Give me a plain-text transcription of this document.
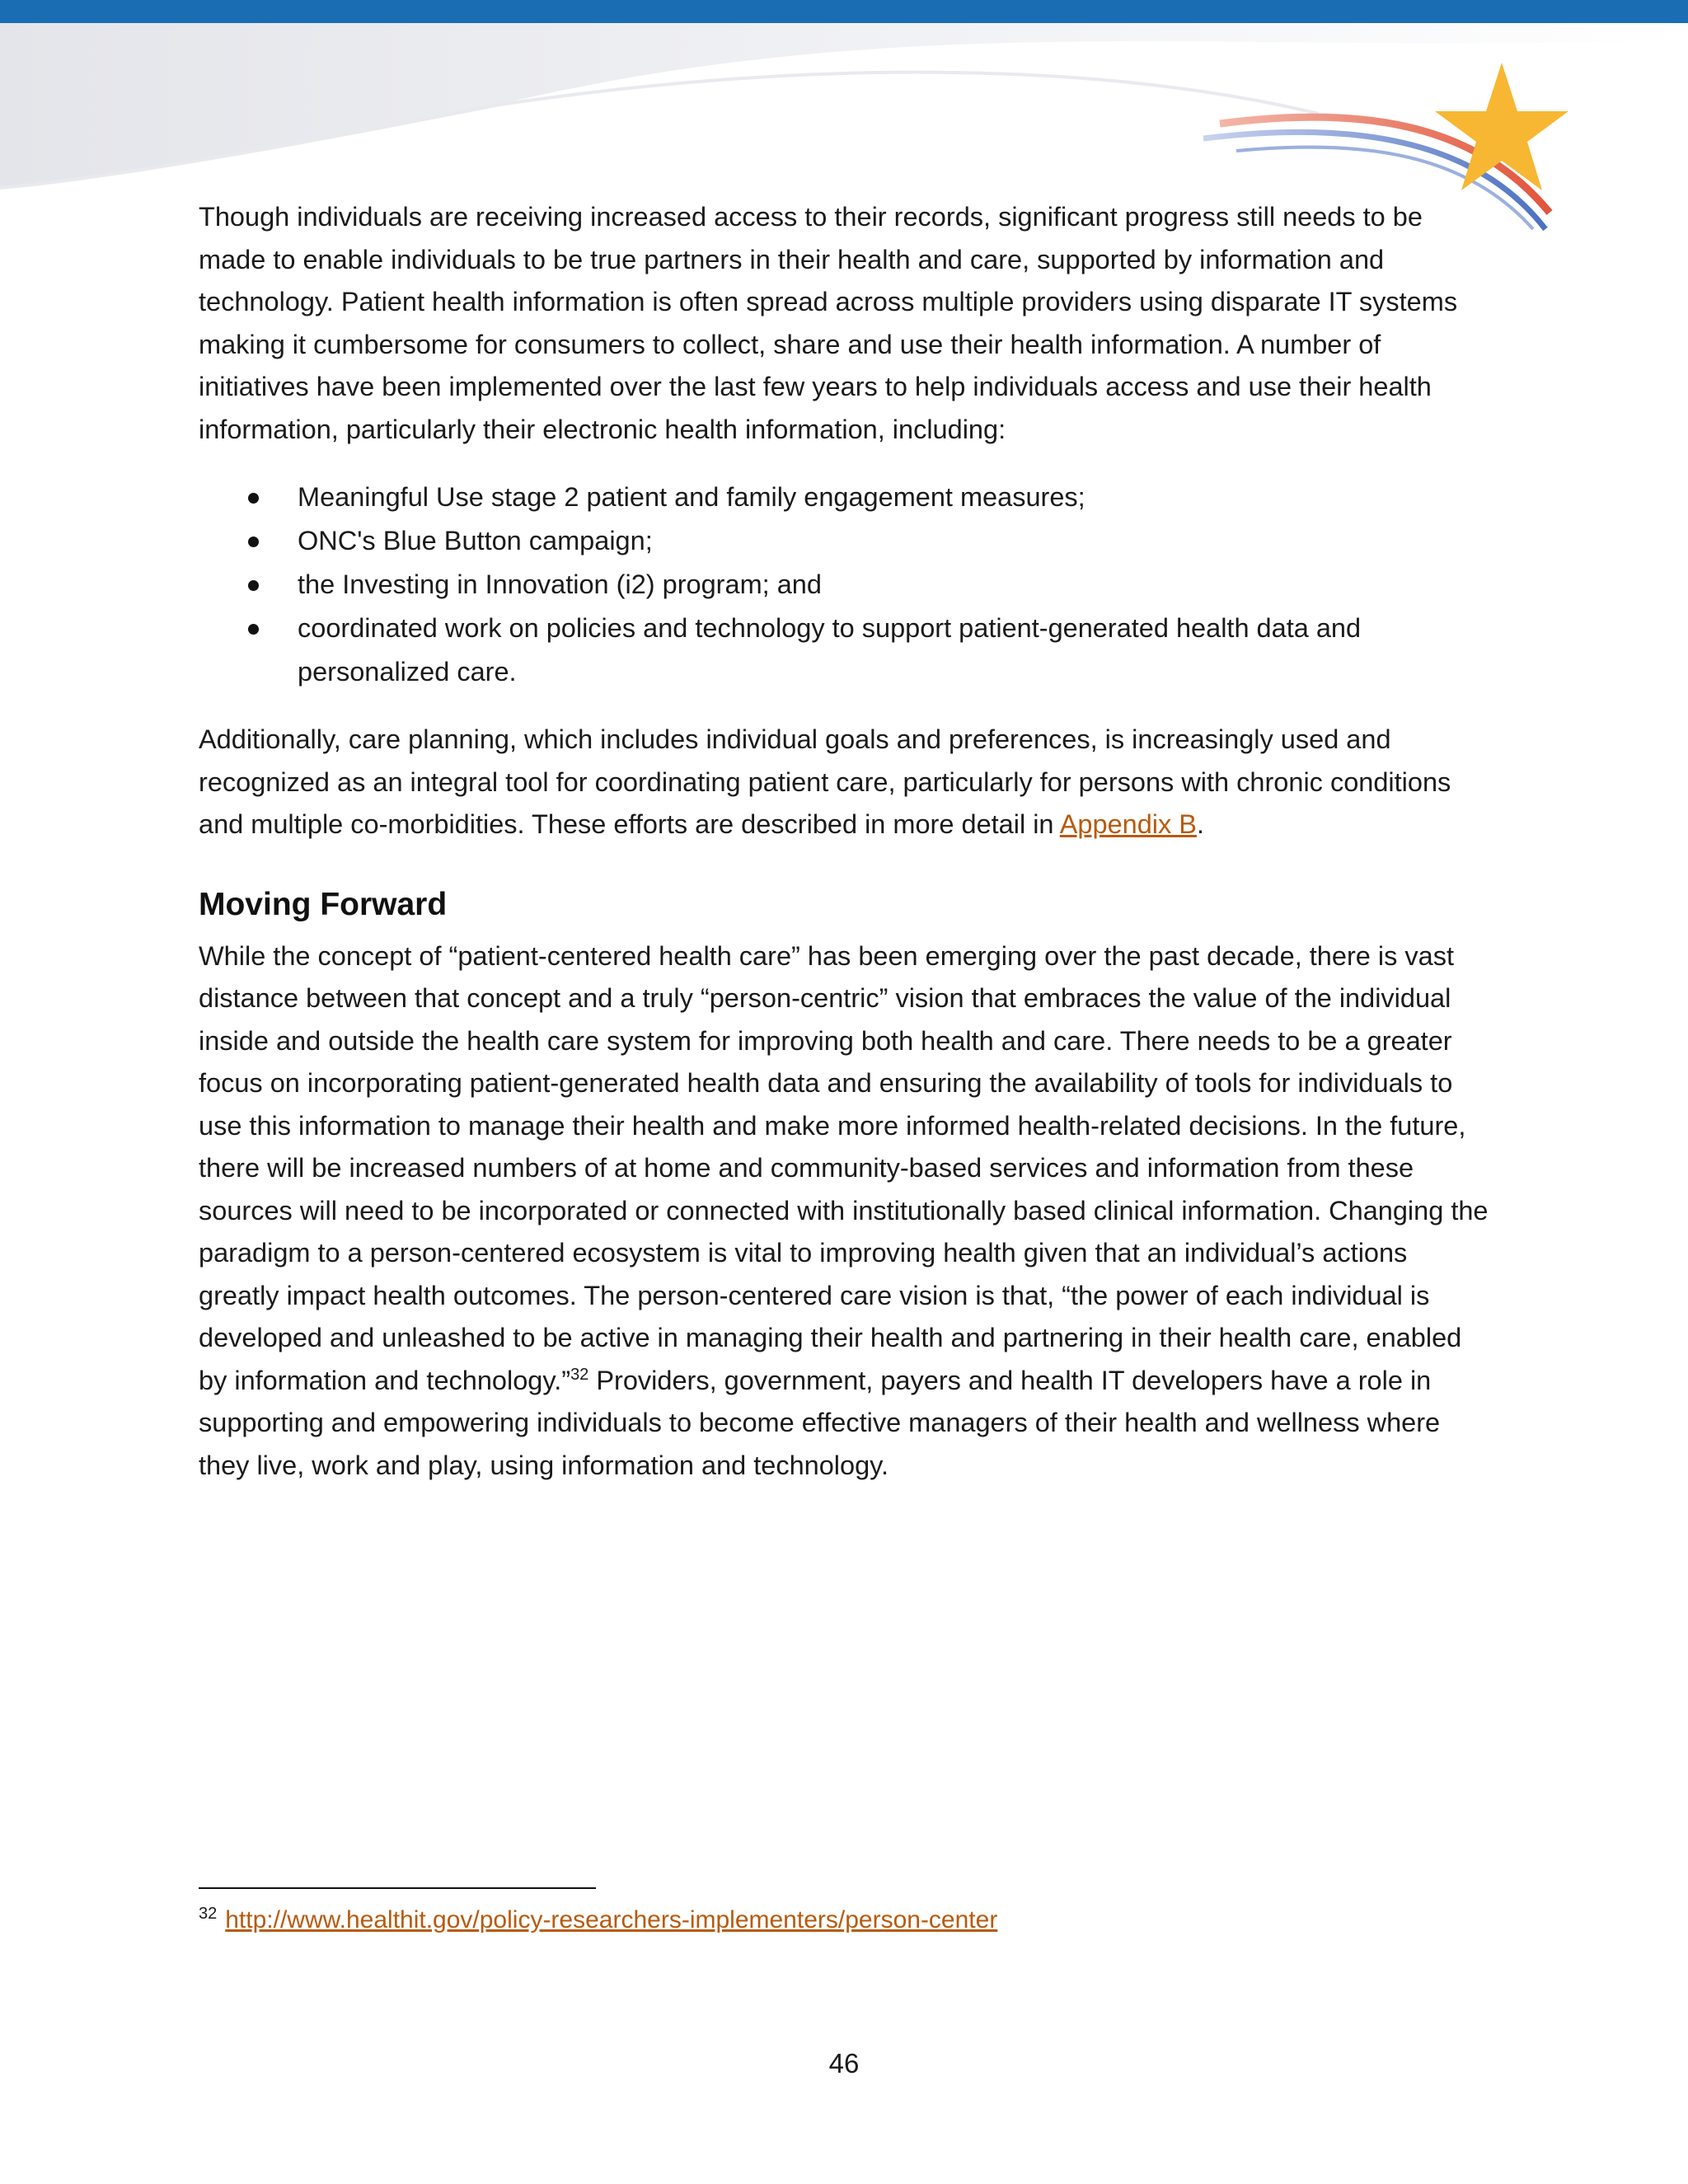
Though individuals are receiving increased access to their records, significant progress still needs to be made to enable individuals to be true partners in their health and care, supported by information and technology. Patient health information is often spread across multiple providers using disparate IT systems making it cumbersome for consumers to collect, share and use their health information. A number of initiatives have been implemented over the last few years to help individuals access and use their health information, particularly their electronic health information, including:

Meaningful Use stage 2 patient and family engagement measures;
ONC's Blue Button campaign;
the Investing in Innovation (i2) program; and
coordinated work on policies and technology to support patient-generated health data and personalized care.

Additionally, care planning, which includes individual goals and preferences, is increasingly used and recognized as an integral tool for coordinating patient care, particularly for persons with chronic conditions and multiple co-morbidities. These efforts are described in more detail in Appendix B.

Moving Forward

While the concept of “patient-centered health care” has been emerging over the past decade, there is vast distance between that concept and a truly “person-centric” vision that embraces the value of the individual inside and outside the health care system for improving both health and care. There needs to be a greater focus on incorporating patient-generated health data and ensuring the availability of tools for individuals to use this information to manage their health and make more informed health-related decisions. In the future, there will be increased numbers of at home and community-based services and information from these sources will need to be incorporated or connected with institutionally based clinical information. Changing the paradigm to a person-centered ecosystem is vital to improving health given that an individual’s actions greatly impact health outcomes. The person-centered care vision is that, “the power of each individual is developed and unleashed to be active in managing their health and partnering in their health care, enabled by information and technology.”$^{32}$ Providers, government, payers and health IT developers have a role in supporting and empowering individuals to become effective managers of their health and wellness where they live, work and play, using information and technology.

$^{32}$ http://www.healthit.gov/policy-researchers-implementers/person-center
46
